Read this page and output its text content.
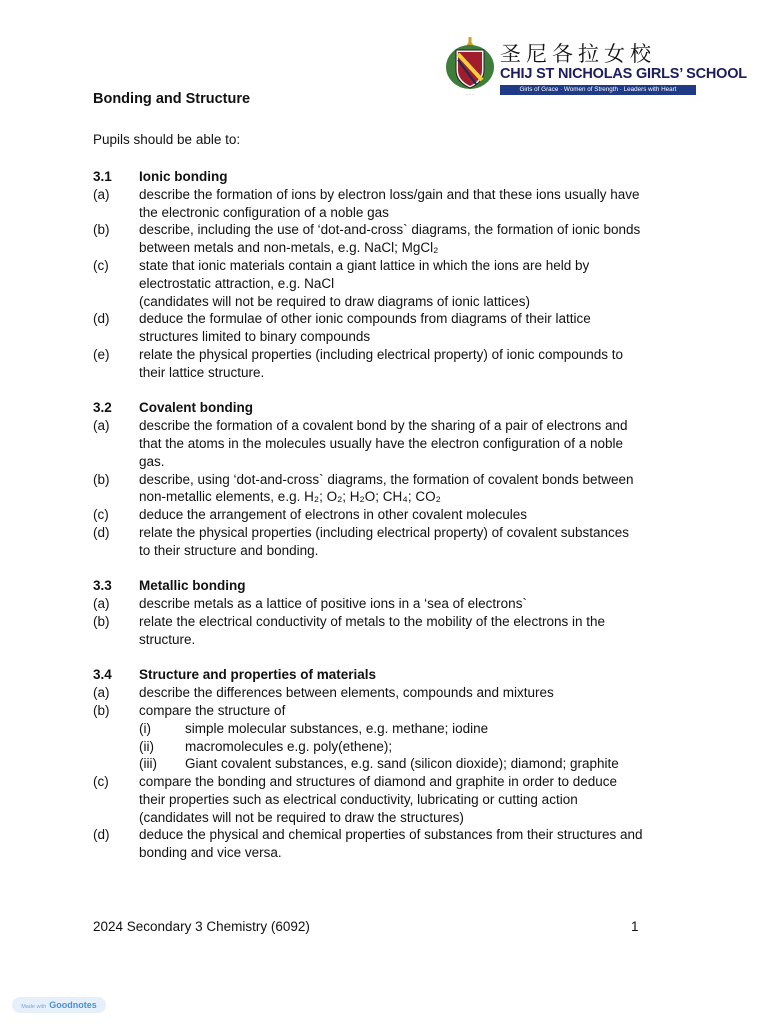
· · ·
圣尼各拉女校
CHIJ ST NICHOLAS GIRLS’ SCHOOL
Girls of Grace · Women of Strength · Leaders with Heart
Bonding and Structure
Pupils should be able to:
3.1 Ionic bonding
(a) describe the formation of ions by electron loss/gain and that these ions usually have
the electronic configuration of a noble gas
(b) describe, including the use of ‘dot-and-cross` diagrams, the formation of ionic bonds
between metals and non-metals, e.g. NaCl; MgCl₂
(c) state that ionic materials contain a giant lattice in which the ions are held by
electrostatic attraction, e.g. NaCl
(candidates will not be required to draw diagrams of ionic lattices)
(d) deduce the formulae of other ionic compounds from diagrams of their lattice
structures limited to binary compounds
(e) relate the physical properties (including electrical property) of ionic compounds to
their lattice structure.
3.2 Covalent bonding
(a) describe the formation of a covalent bond by the sharing of a pair of electrons and
that the atoms in the molecules usually have the electron configuration of a noble
gas.
(b) describe, using ‘dot-and-cross` diagrams, the formation of covalent bonds between
non-metallic elements, e.g. H₂; O₂; H₂O; CH₄; CO₂
(c) deduce the arrangement of electrons in other covalent molecules
(d) relate the physical properties (including electrical property) of covalent substances
to their structure and bonding.
3.3 Metallic bonding
(a) describe metals as a lattice of positive ions in a ‘sea of electrons`
(b) relate the electrical conductivity of metals to the mobility of the electrons in the
structure.
3.4 Structure and properties of materials
(a) describe the differences between elements, compounds and mixtures
(b) compare the structure of
(i)	simple molecular substances, e.g. methane; iodine
(ii) macromolecules e.g. poly(ethene);
(iii) Giant covalent substances, e.g. sand (silicon dioxide); diamond; graphite
(c) compare the bonding and structures of diamond and graphite in order to deduce
their properties such as electrical conductivity, lubricating or cutting action
(candidates will not be required to draw the structures)
(d) deduce the physical and chemical properties of substances from their structures and
bonding and vice versa.
2024 Secondary 3 Chemistry (6092)	1
Made with Goodnotes
